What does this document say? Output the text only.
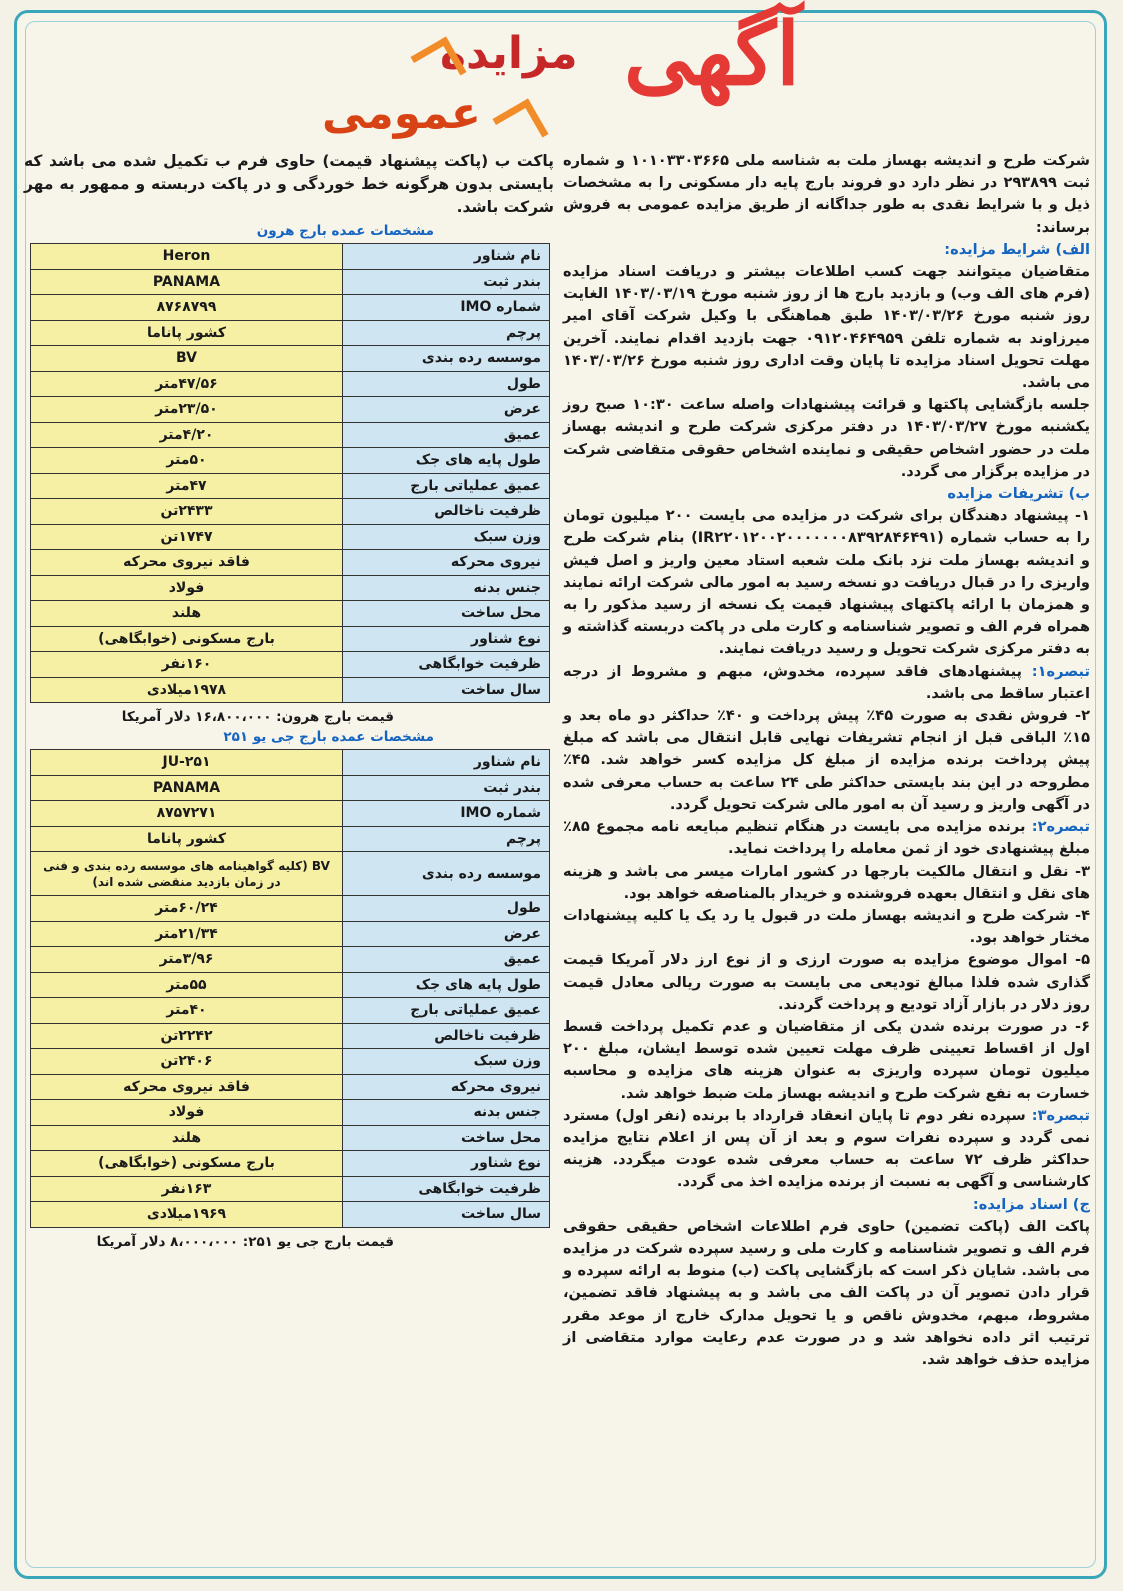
مزایده
عمومی
آگهی

شرکت طرح و اندیشه بهساز ملت به شناسه ملی ۱۰۱۰۳۳۰۳۶۶۵ و شماره ثبت ۲۹۳۸۹۹ در نظر دارد دو فروند بارج پایه دار مسکونی را به مشخصات ذیل و با شرایط نقدی به طور جداگانه از طریق مزایده عمومی به فروش برساند:

الف) شرایط مزایده:

متقاضیان میتوانند جهت کسب اطلاعات بیشتر و دریافت اسناد مزایده (فرم های الف وب) و بازدید بارج ها از روز شنبه مورخ ۱۴۰۳/۰۳/۱۹ الغایت روز شنبه مورخ ۱۴۰۳/۰۳/۲۶ طبق هماهنگی با وکیل شرکت آقای امیر میرزاوند به شماره تلفن ۰۹۱۲۰۴۶۴۹۵۹ جهت بازدید اقدام نمایند. آخرین مهلت تحویل اسناد مزایده تا پایان وقت اداری روز شنبه مورخ ۱۴۰۳/۰۳/۲۶ می باشد.

جلسه بازگشایی پاکتها و قرائت پیشنهادات واصله ساعت ۱۰:۳۰ صبح روز یکشنبه مورخ ۱۴۰۳/۰۳/۲۷ در دفتر مرکزی شرکت طرح و اندیشه بهساز ملت در حضور اشخاص حقیقی و نماینده اشخاص حقوقی متقاضی شرکت در مزایده برگزار می گردد.

ب) تشریفات مزایده

۱- پیشنهاد دهندگان برای شرکت در مزایده می بایست ۲۰۰ میلیون تومان را به حساب شماره (IR۲۲۰۱۲۰۰۲۰۰۰۰۰۰۰۸۳۹۲۸۴۶۴۹۱) بنام شرکت طرح و اندیشه بهساز ملت نزد بانک ملت شعبه استاد معین واریز و اصل فیش واریزی را در قبال دریافت دو نسخه رسید به امور مالی شرکت ارائه نمایند و همزمان با ارائه پاکتهای پیشنهاد قیمت یک نسخه از رسید مذکور را به همراه فرم الف و تصویر شناسنامه و کارت ملی در پاکت دربسته گذاشته و به دفتر مرکزی شرکت تحویل و رسید دریافت نمایند.

تبصره۱: پیشنهادهای فاقد سپرده، مخدوش، مبهم و مشروط از درجه اعتبار ساقط می باشد.

۲- فروش نقدی به صورت ۴۵٪ پیش پرداخت و ۴۰٪ حداکثر دو ماه بعد و ۱۵٪ الباقی قبل از انجام تشریفات نهایی قابل انتقال می باشد که مبلغ پیش پرداخت برنده مزایده از مبلغ کل مزایده کسر خواهد شد. ۴۵٪ مطروحه در این بند بایستی حداکثر طی ۲۴ ساعت به حساب معرفی شده در آگهی واریز و رسید آن به امور مالی شرکت تحویل گردد.

تبصره۲: برنده مزایده می بایست در هنگام تنظیم مبایعه نامه مجموع ۸۵٪ مبلغ پیشنهادی خود از ثمن معامله را پرداخت نماید.

۳- نقل و انتقال مالکیت بارجها در کشور امارات میسر می باشد و هزینه های نقل و انتقال بعهده فروشنده و خریدار بالمناصفه خواهد بود.

۴- شرکت طرح و اندیشه بهساز ملت در قبول یا رد یک یا کلیه پیشنهادات مختار خواهد بود.

۵- اموال موضوع مزایده به صورت ارزی و از نوع ارز دلار آمریکا قیمت گذاری شده فلذا مبالغ تودیعی می بایست به صورت ریالی معادل قیمت روز دلار در بازار آزاد تودیع و پرداخت گردند.

۶- در صورت برنده شدن یکی از متقاضیان و عدم تکمیل پرداخت قسط اول از اقساط تعیینی ظرف مهلت تعیین شده توسط ایشان، مبلغ ۲۰۰ میلیون تومان سپرده واریزی به عنوان هزینه های مزایده و محاسبه خسارت به نفع شرکت طرح و اندیشه بهساز ملت ضبط خواهد شد.

تبصره۳: سپرده نفر دوم تا پایان انعقاد قرارداد با برنده (نفر اول) مسترد نمی گردد و سپرده نفرات سوم و بعد از آن پس از اعلام نتایج مزایده حداکثر ظرف ۷۲ ساعت به حساب معرفی شده عودت میگردد. هزینه کارشناسی و آگهی به نسبت از برنده مزایده اخذ می گردد.

ج) اسناد مزایده:

پاکت الف (پاکت تضمین) حاوی فرم اطلاعات اشخاص حقیقی حقوقی فرم الف و تصویر شناسنامه و کارت ملی و رسید سپرده شرکت در مزایده می باشد. شایان ذکر است که بازگشایی پاکت (ب) منوط به ارائه سپرده و قرار دادن تصویر آن در پاکت الف می باشد و به پیشنهاد فاقد تضمین، مشروط، مبهم، مخدوش ناقص و یا تحویل مدارک خارج از موعد مقرر ترتیب اثر داده نخواهد شد و در صورت عدم رعایت موارد متقاضی از مزایده حذف خواهد شد.

پاکت ب (پاکت پیشنهاد قیمت) حاوی فرم ب تکمیل شده می باشد که بایستی بدون هرگونه خط خوردگی و در پاکت دربسته و ممهور به مهر شرکت باشد.

مشخصات عمده بارج هرون
نام شناور	Heron
بندر ثبت	PANAMA
شماره IMO	۸۷۶۸۷۹۹
پرچم	کشور پاناما
موسسه رده بندی	BV
طول	۴۷/۵۶متر
عرض	۲۳/۵۰متر
عمیق	۴/۲۰متر
طول پایه های جک	۵۰متر
عمیق عملیاتی بارج	۴۷متر
ظرفیت ناخالص	۲۴۳۳تن
وزن سبک	۱۷۴۷تن
نیروی محرکه	فاقد نیروی محرکه
جنس بدنه	فولاد
محل ساخت	هلند
نوع شناور	بارج مسکونی (خوابگاهی)
ظرفیت خوابگاهی	۱۶۰نفر
سال ساخت	۱۹۷۸میلادی
قیمت بارج هرون: ۱۶،۸۰۰،۰۰۰ دلار آمریکا
مشخصات عمده بارج جی یو ۲۵۱
نام شناور	JU-۲۵۱
بندر ثبت	PANAMA
شماره IMO	۸۷۵۷۲۷۱
پرچم	کشور پاناما
موسسه رده بندی	BV (کلیه گواهینامه های موسسه رده بندی و فنی در زمان بازدید منقضی شده اند)
طول	۶۰/۲۴متر
عرض	۲۱/۳۴متر
عمیق	۳/۹۶متر
طول پایه های جک	۵۵متر
عمیق عملیاتی بارج	۴۰متر
ظرفیت ناخالص	۲۲۴۲تن
وزن سبک	۲۴۰۶تن
نیروی محرکه	فاقد نیروی محرکه
جنس بدنه	فولاد
محل ساخت	هلند
نوع شناور	بارج مسکونی (خوابگاهی)
ظرفیت خوابگاهی	۱۶۳نفر
سال ساخت	۱۹۶۹میلادی
قیمت بارج جی یو ۲۵۱: ۸،۰۰۰،۰۰۰ دلار آمریکا
